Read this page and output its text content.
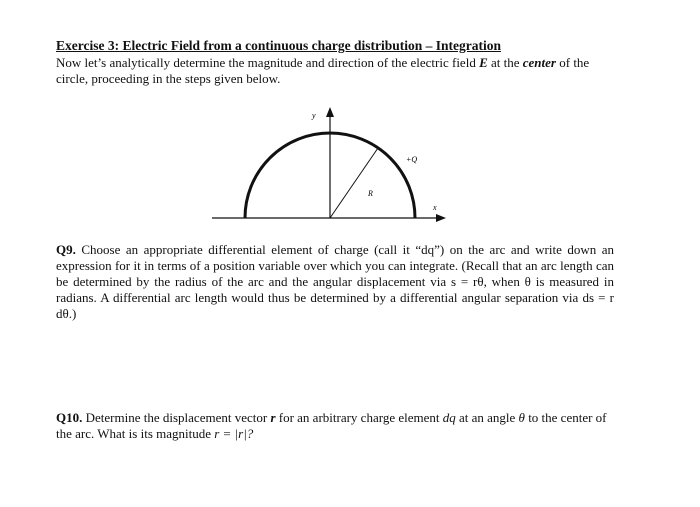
Exercise 3: Electric Field from a continuous charge distribution – Integration
Now let’s analytically determine the magnitude and direction of the electric field E at the center of the circle, proceeding in the steps given below.
y
x
+Q
R
Q9. Choose an appropriate differential element of charge (call it “dq”) on the arc and write down an expression for it in terms of a position variable over which you can integrate. (Recall that an arc length can be determined by the radius of the arc and the angular displacement via s = rθ, when θ is measured in radians. A differential arc length would thus be determined by a differential angular separation via ds = r dθ.)
Q10. Determine the displacement vector r for an arbitrary charge element dq at an angle θ to the center of the arc. What is its magnitude r = |r|?
